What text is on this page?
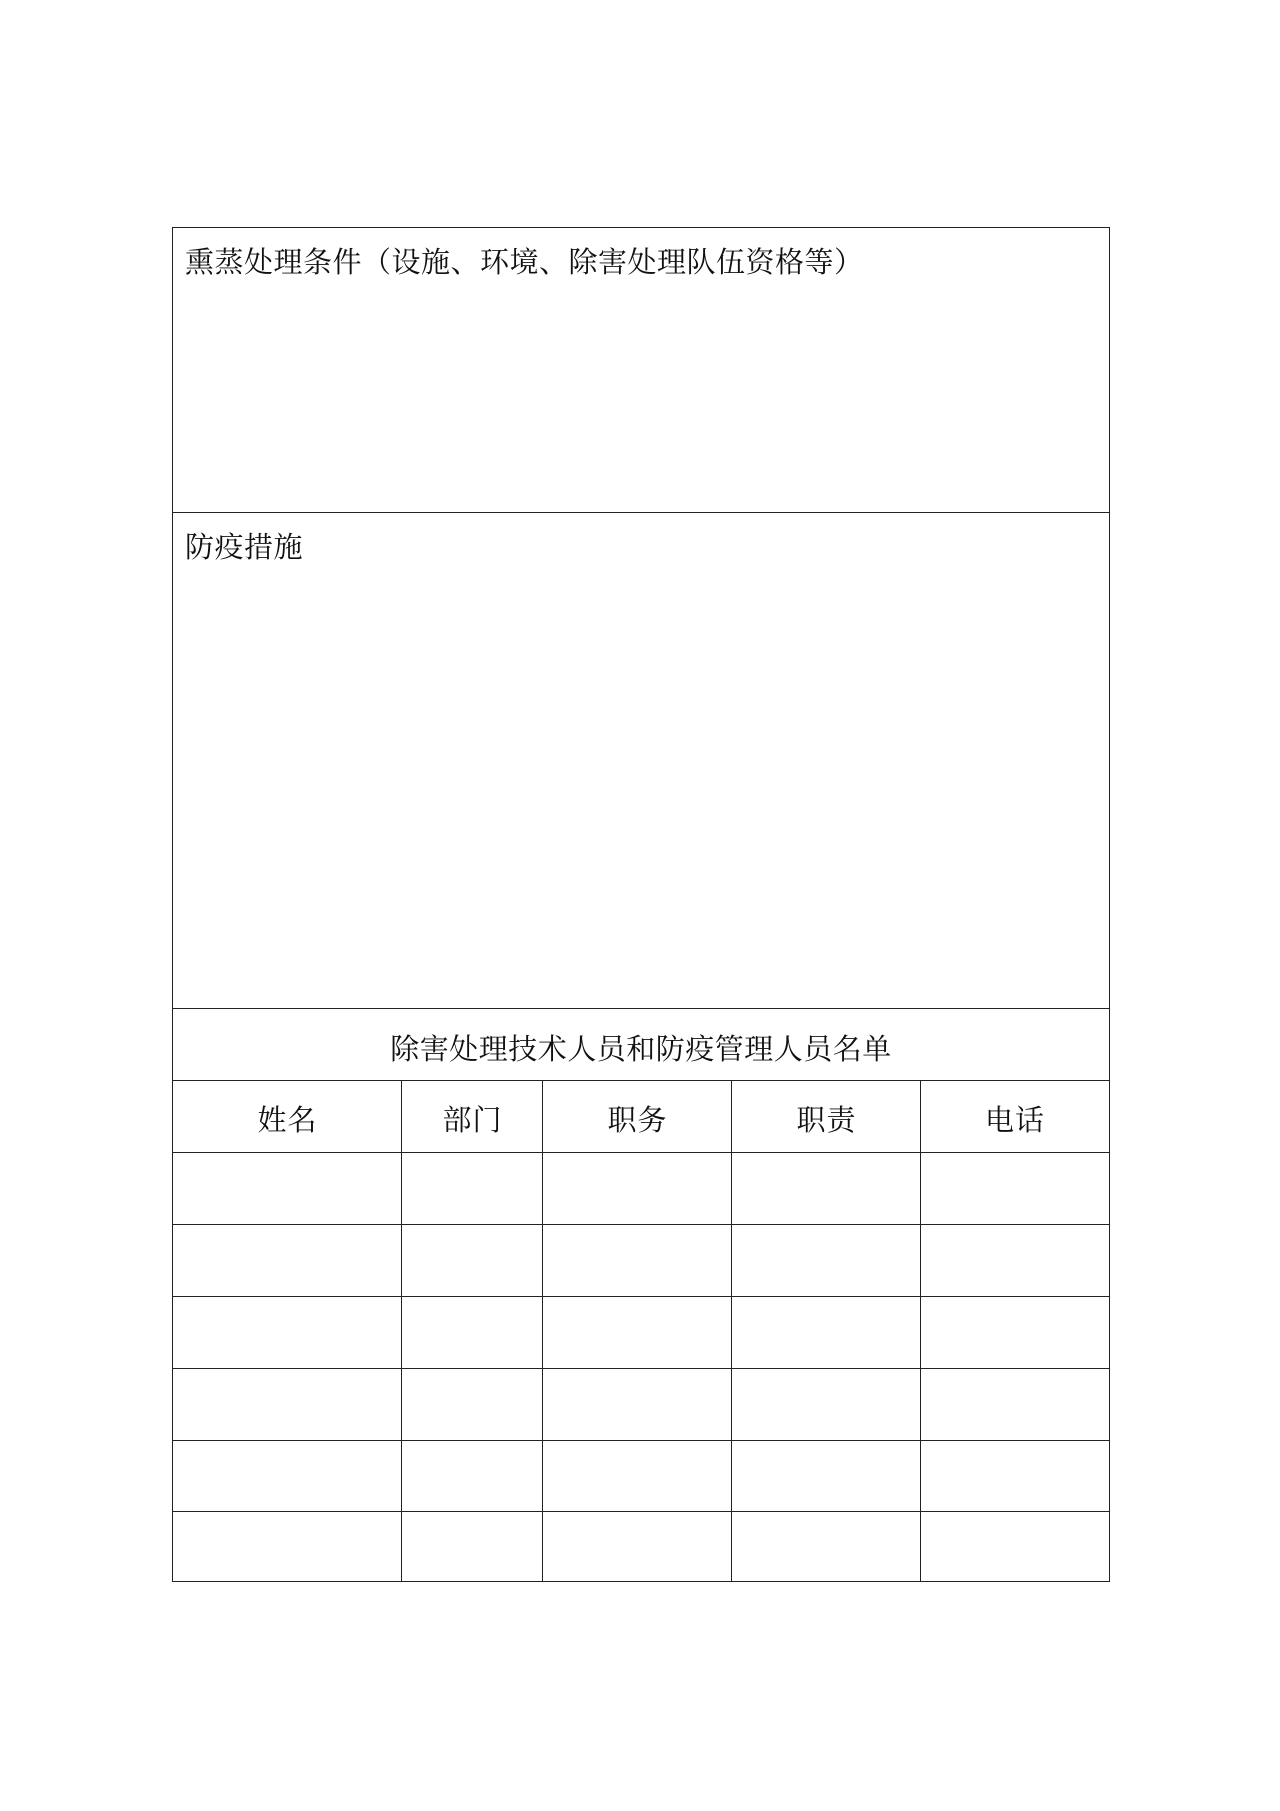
熏蒸处理条件（设施、环境、除害处理队伍资格等）
防疫措施
除害处理技术人员和防疫管理人员名单
姓名	部门	职务	职责	电话
